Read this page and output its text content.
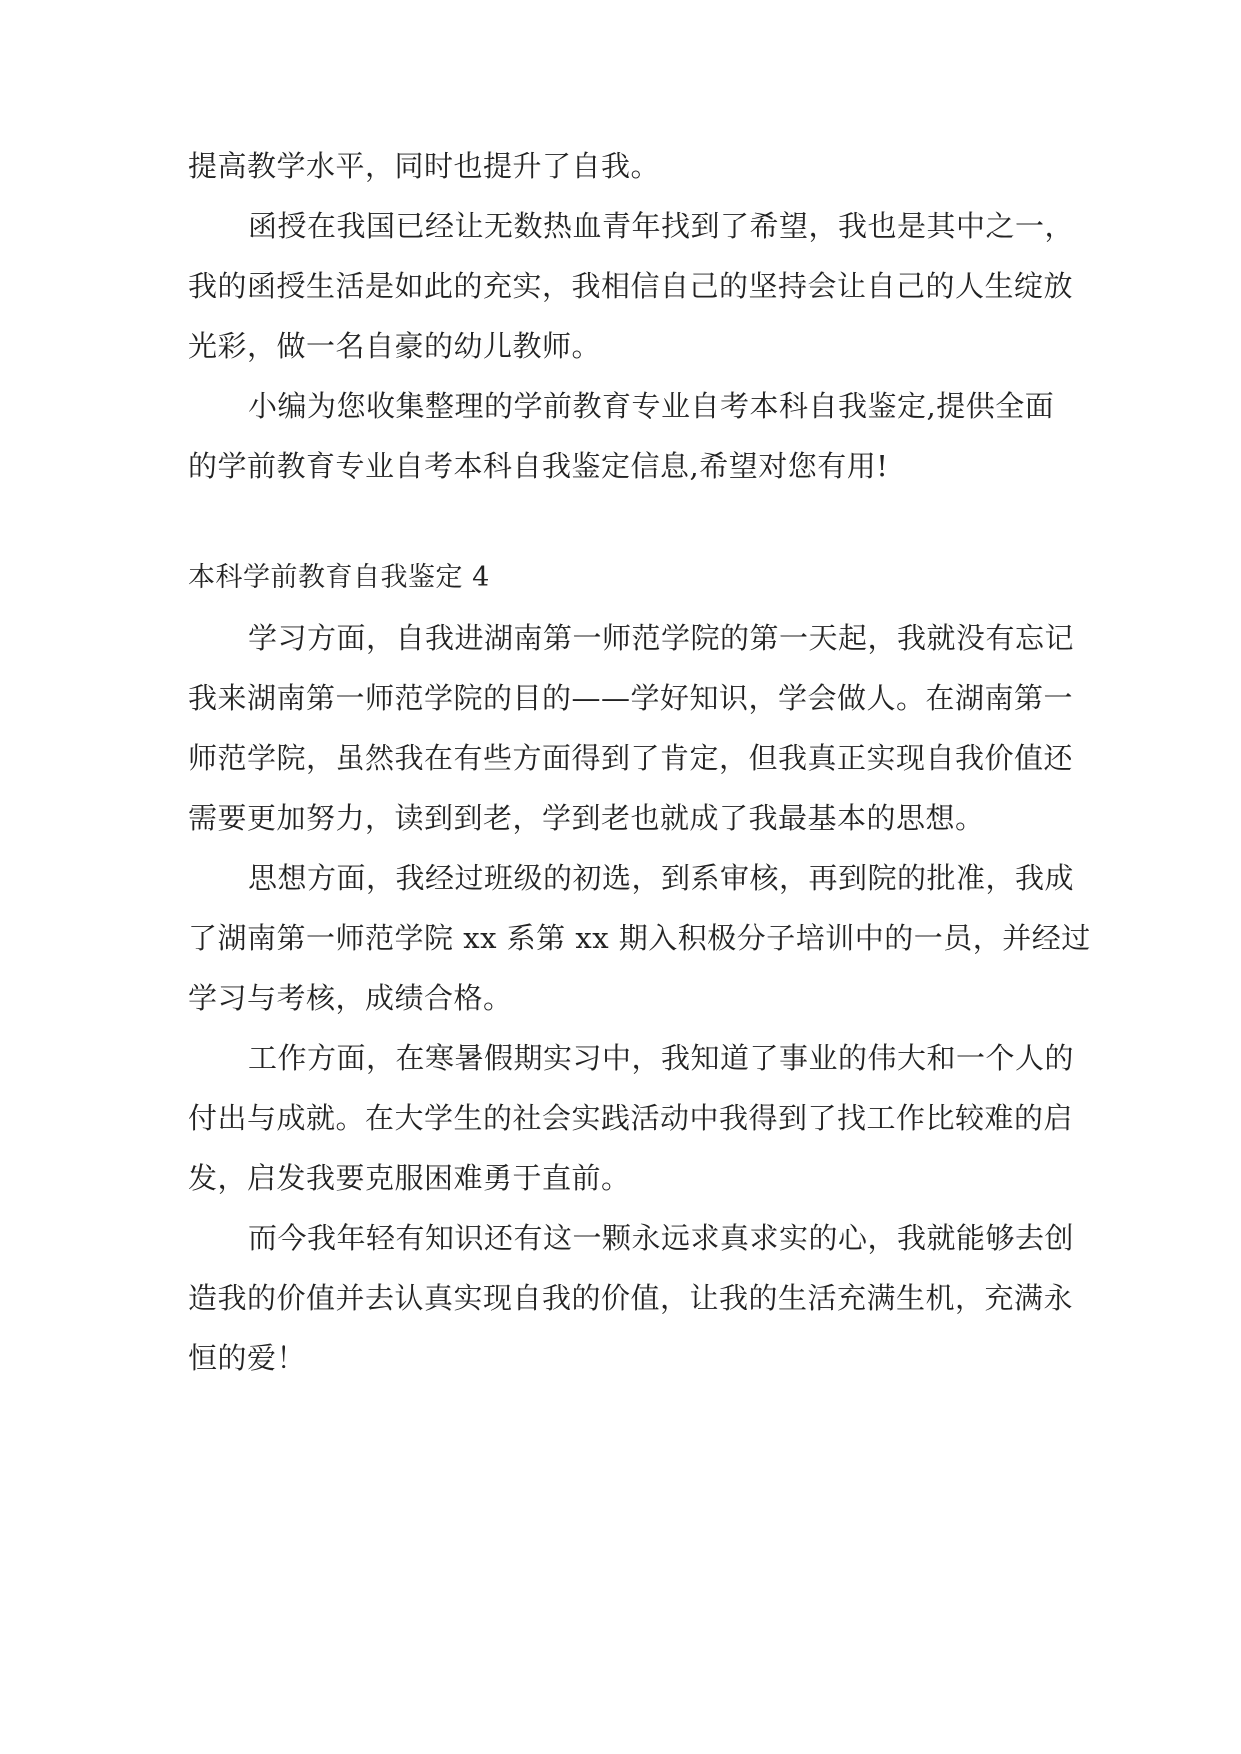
提高教学水平，同时也提升了自我。
函授在我国已经让无数热血青年找到了希望，我也是其中之一，
我的函授生活是如此的充实，我相信自己的坚持会让自己的人生绽放
光彩，做一名自豪的幼儿教师。
小编为您收集整理的学前教育专业自考本科自我鉴定,提供全面
的学前教育专业自考本科自我鉴定信息,希望对您有用!
本科学前教育自我鉴定 4
学习方面，自我进湖南第一师范学院的第一天起，我就没有忘记
我来湖南第一师范学院的目的——学好知识，学会做人。在湖南第一
师范学院，虽然我在有些方面得到了肯定，但我真正实现自我价值还
需要更加努力，读到到老，学到老也就成了我最基本的思想。
思想方面，我经过班级的初选，到系审核，再到院的批准，我成
了湖南第一师范学院 xx 系第 xx 期入积极分子培训中的一员，并经过
学习与考核，成绩合格。
工作方面，在寒暑假期实习中，我知道了事业的伟大和一个人的
付出与成就。在大学生的社会实践活动中我得到了找工作比较难的启
发，启发我要克服困难勇于直前。
而今我年轻有知识还有这一颗永远求真求实的心，我就能够去创
造我的价值并去认真实现自我的价值，让我的生活充满生机，充满永
恒的爱！
